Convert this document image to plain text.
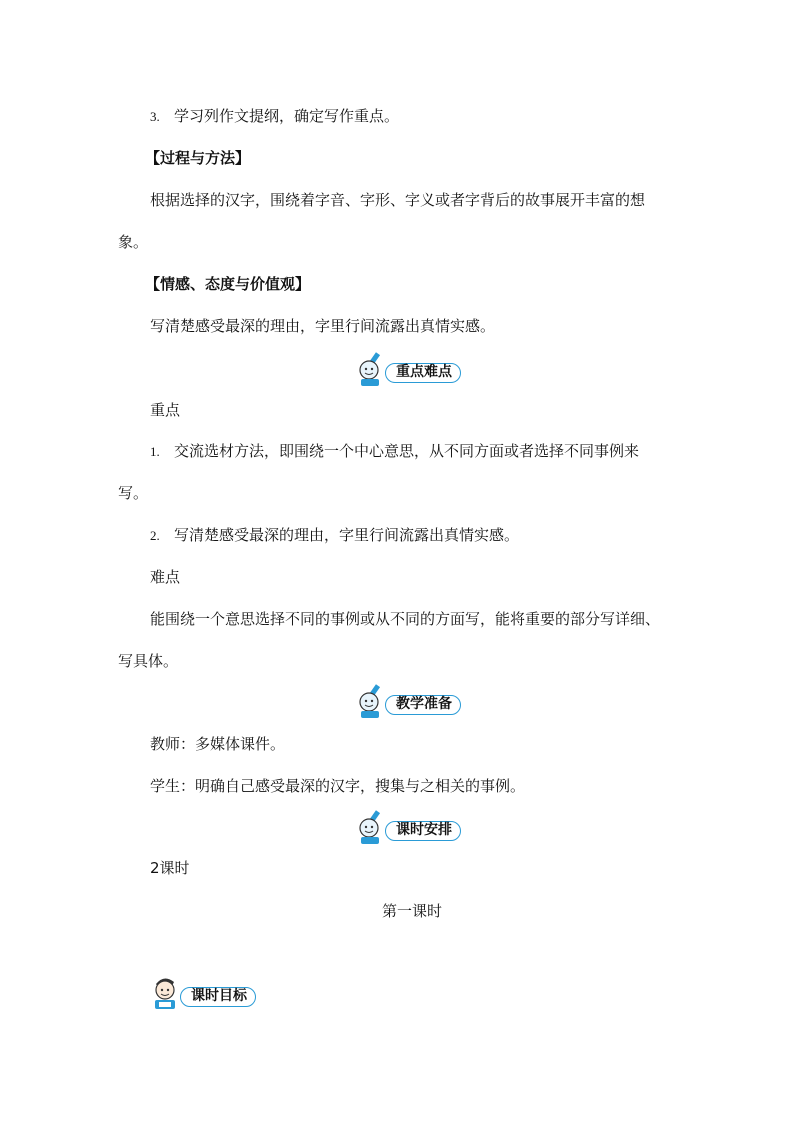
3. 学习列作文提纲，确定写作重点。
【过程与方法】
根据选择的汉字，围绕着字音、字形、字义或者字背后的故事展开丰富的想
象。
【情感、态度与价值观】
写清楚感受最深的理由，字里行间流露出真情实感。
重点难点
重点
1. 交流选材方法，即围绕一个中心意思，从不同方面或者选择不同事例来
写。
2. 写清楚感受最深的理由，字里行间流露出真情实感。
难点
能围绕一个意思选择不同的事例或从不同的方面写，能将重要的部分写详细、
写具体。
教学准备
教师：多媒体课件。
学生：明确自己感受最深的汉字，搜集与之相关的事例。
课时安排
2课时
第一课时
课时目标
